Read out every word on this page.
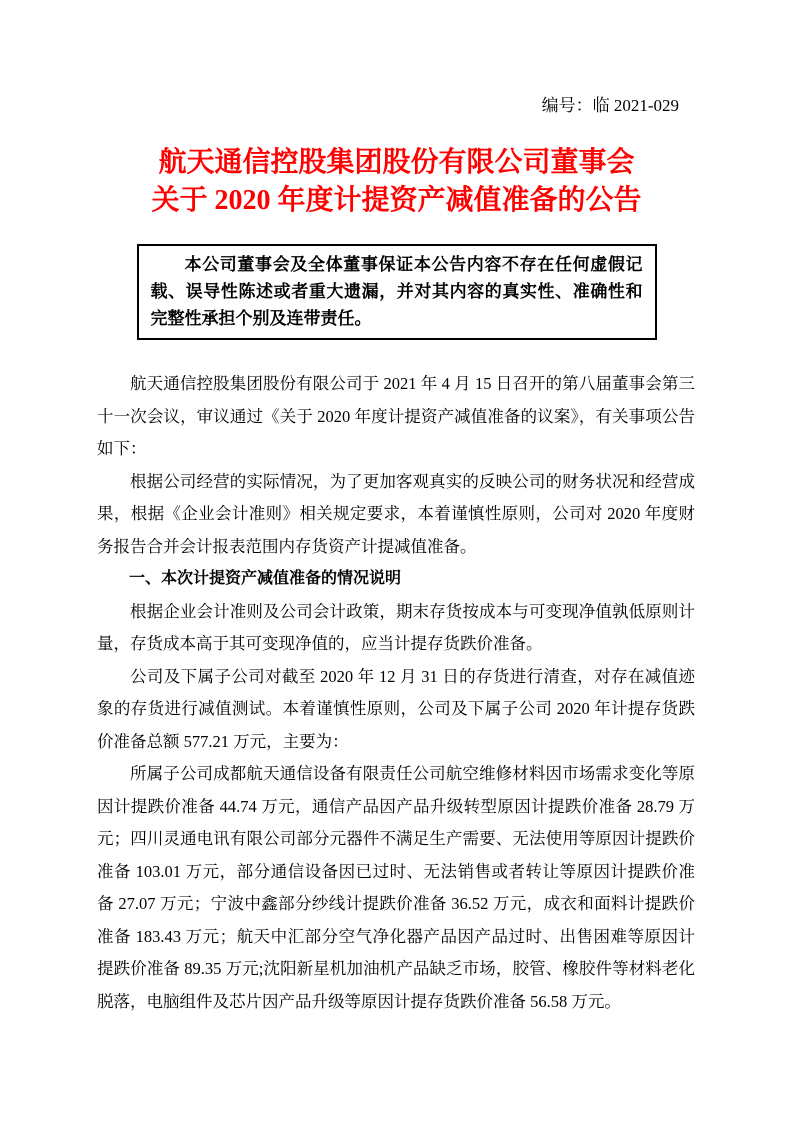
编号：临 2021-029
航天通信控股集团股份有限公司董事会
关于 2020 年度计提资产减值准备的公告

本公司董事会及全体董事保证本公告内容不存在任何虚假记载、误导性陈述或者重大遗漏，并对其内容的真实性、准确性和完整性承担个别及连带责任。

航天通信控股集团股份有限公司于 2021 年 4 月 15 日召开的第八届董事会第三十一次会议，审议通过《关于 2020 年度计提资产减值准备的议案》，有关事项公告如下：

根据公司经营的实际情况，为了更加客观真实的反映公司的财务状况和经营成果，根据《企业会计准则》相关规定要求，本着谨慎性原则，公司对 2020 年度财务报告合并会计报表范围内存货资产计提减值准备。

一、本次计提资产减值准备的情况说明

根据企业会计准则及公司会计政策，期末存货按成本与可变现净值孰低原则计量，存货成本高于其可变现净值的，应当计提存货跌价准备。

公司及下属子公司对截至 2020 年 12 月 31 日的存货进行清查，对存在减值迹象的存货进行减值测试。本着谨慎性原则，公司及下属子公司 2020 年计提存货跌价准备总额 577.21 万元，主要为：

所属子公司成都航天通信设备有限责任公司航空维修材料因市场需求变化等原因计提跌价准备 44.74 万元，通信产品因产品升级转型原因计提跌价准备 28.79 万元；四川灵通电讯有限公司部分元器件不满足生产需要、无法使用等原因计提跌价准备 103.01 万元，部分通信设备因已过时、无法销售或者转让等原因计提跌价准备 27.07 万元；宁波中鑫部分纱线计提跌价准备 36.52 万元，成衣和面料计提跌价准备 183.43 万元；航天中汇部分空气净化器产品因产品过时、出售困难等原因计提跌价准备 89.35 万元;沈阳新星机加油机产品缺乏市场，胶管、橡胶件等材料老化脱落，电脑组件及芯片因产品升级等原因计提存货跌价准备 56.58 万元。
